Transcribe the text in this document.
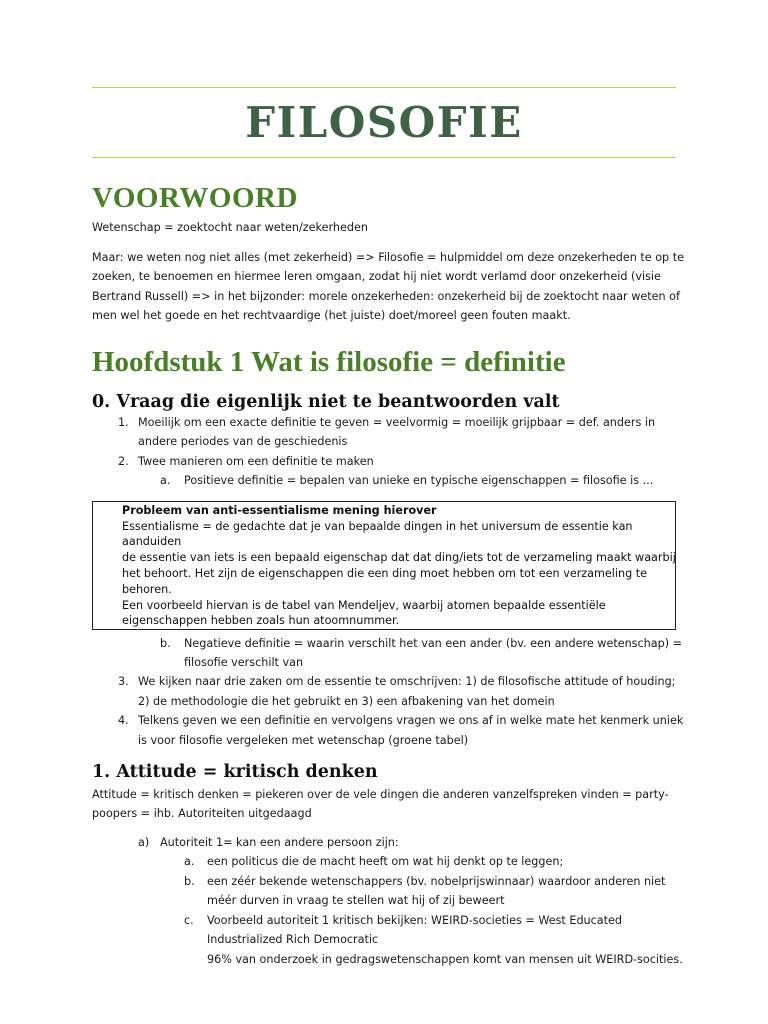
FILOSOFIE
VOORWOORD
Wetenschap = zoektocht naar weten/zekerheden
Maar: we weten nog niet alles (met zekerheid) => Filosofie = hulpmiddel om deze onzekerheden te op te
zoeken, te benoemen en hiermee leren omgaan, zodat hij niet wordt verlamd door onzekerheid (visie
Bertrand Russell) => in het bijzonder: morele onzekerheden: onzekerheid bij de zoektocht naar weten of
men wel het goede en het rechtvaardige (het juiste) doet/moreel geen fouten maakt.
Hoofdstuk 1 Wat is filosofie = definitie
0. Vraag die eigenlijk niet te beantwoorden valt
1. Moeilijk om een exacte definitie te geven = veelvormig = moeilijk grijpbaar = def. anders in
andere periodes van de geschiedenis
2. Twee manieren om een definitie te maken
a. Positieve definitie = bepalen van unieke en typische eigenschappen = filosofie is ...
Probleem van anti-essentialisme mening hierover
Essentialisme = de gedachte dat je van bepaalde dingen in het universum de essentie kan
aanduiden
de essentie van iets is een bepaald eigenschap dat dat ding/iets tot de verzameling maakt waarbij
het behoort. Het zijn de eigenschappen die een ding moet hebben om tot een verzameling te
behoren.
Een voorbeeld hiervan is de tabel van Mendeljev, waarbij atomen bepaalde essentiële
eigenschappen hebben zoals hun atoomnummer.
b. Negatieve definitie = waarin verschilt het van een ander (bv. een andere wetenschap) =
filosofie verschilt van
3. We kijken naar drie zaken om de essentie te omschrijven: 1) de filosofische attitude of houding;
2) de methodologie die het gebruikt en 3) een afbakening van het domein
4. Telkens geven we een definitie en vervolgens vragen we ons af in welke mate het kenmerk uniek
is voor filosofie vergeleken met wetenschap (groene tabel)
1. Attitude = kritisch denken
Attitude = kritisch denken = piekeren over de vele dingen die anderen vanzelfspreken vinden = party-
poopers = ihb. Autoriteiten uitgedaagd
a) Autoriteit 1= kan een andere persoon zijn:
a. een politicus die de macht heeft om wat hij denkt op te leggen;
b. een zéér bekende wetenschappers (bv. nobelprijswinnaar) waardoor anderen niet
méér durven in vraag te stellen wat hij of zij beweert
c. Voorbeeld autoriteit 1 kritisch bekijken: WEIRD-societies = West Educated
Industrialized Rich Democratic
96% van onderzoek in gedragswetenschappen komt van mensen uit WEIRD-socities.
